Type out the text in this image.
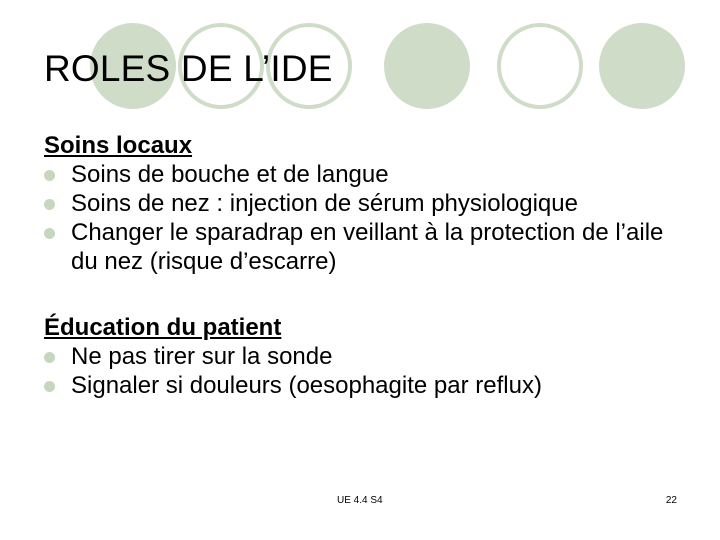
ROLES DE L’IDE

Soins locaux

Soins de bouche et de langue
Soins de nez : injection de sérum physiologique
Changer le sparadrap en veillant à la protection de l’aile du nez (risque d’escarre)

Éducation du patient

Ne pas tirer sur la sonde
Signaler si douleurs (oesophagite par reflux)
UE 4.4 S4	22
